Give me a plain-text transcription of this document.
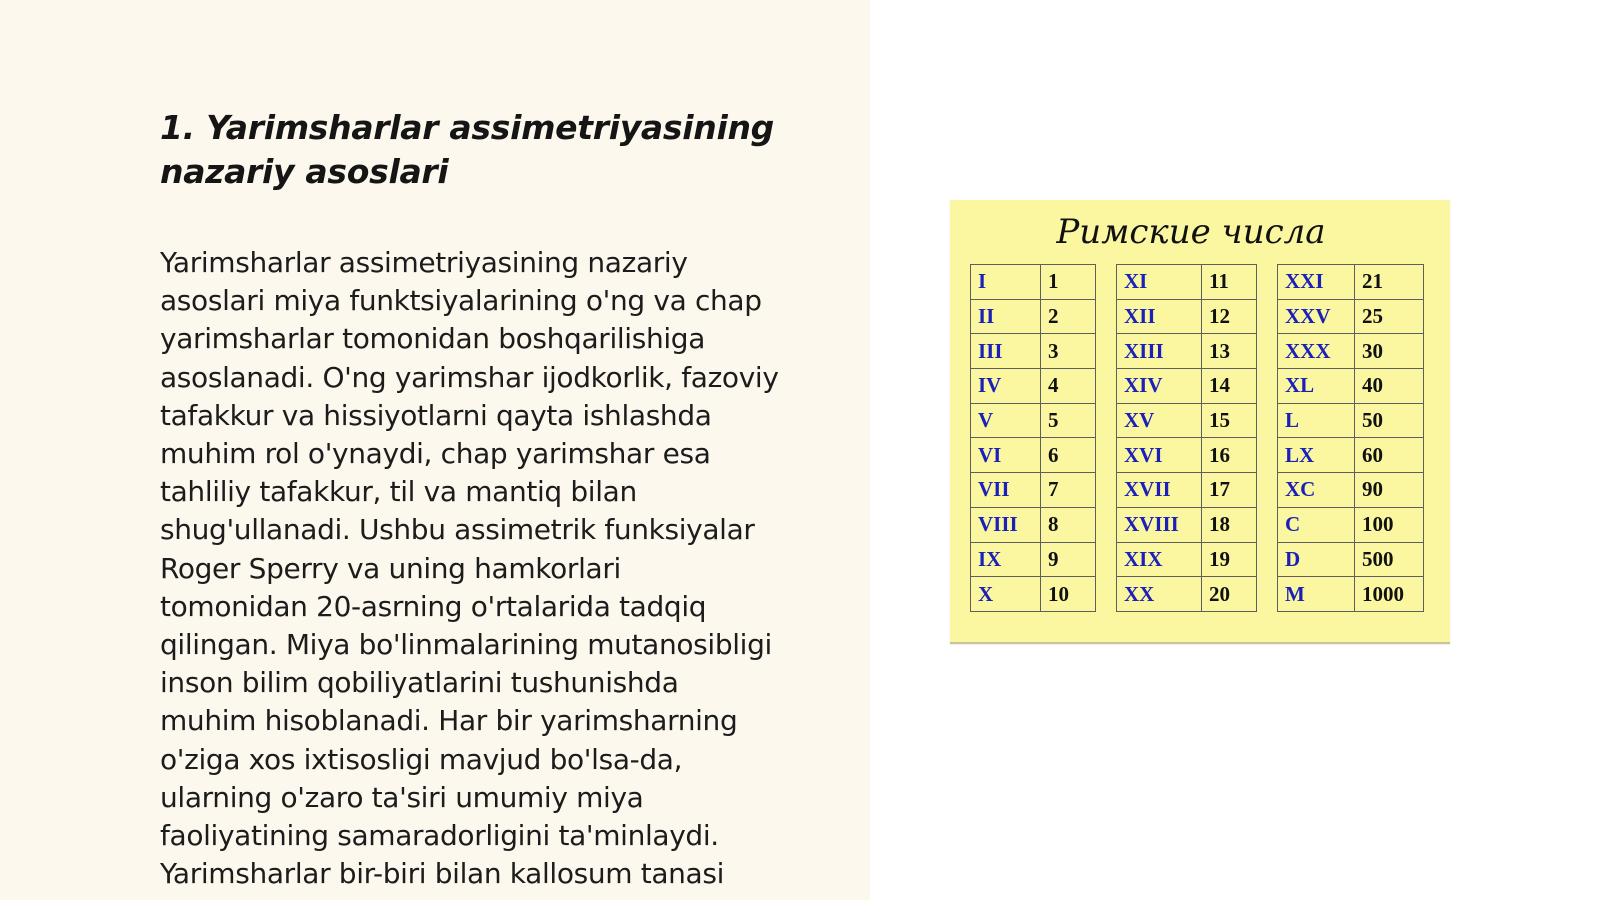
1. Yarimsharlar assimetriyasining
nazariy asoslari

Yarimsharlar assimetriyasining nazariy
asoslari miya funktsiyalarining o'ng va chap
yarimsharlar tomonidan boshqarilishiga
asoslanadi. O'ng yarimshar ijodkorlik, fazoviy
tafakkur va hissiyotlarni qayta ishlashda
muhim rol o'ynaydi, chap yarimshar esa
tahliliy tafakkur, til va mantiq bilan
shug'ullanadi. Ushbu assimetrik funksiyalar
Roger Sperry va uning hamkorlari
tomonidan 20-asrning o'rtalarida tadqiq
qilingan. Miya bo'linmalarining mutanosibligi
inson bilim qobiliyatlarini tushunishda
muhim hisoblanadi. Har bir yarimsharning
o'ziga xos ixtisosligi mavjud bo'lsa-da,
ularning o'zaro ta'siri umumiy miya
faoliyatining samaradorligini ta'minlaydi.
Yarimsharlar bir-biri bilan kallosum tanasi

Римские числа
I	1
II	2
III	3
IV	4
V	5
VI	6
VII	7
VIII	8
IX	9
X	10
XI	11
XII	12
XIII	13
XIV	14
XV	15
XVI	16
XVII	17
XVIII	18
XIX	19
XX	20
XXI	21
XXV	25
XXX	30
XL	40
L	50
LX	60
XC	90
C	100
D	500
M	1000
